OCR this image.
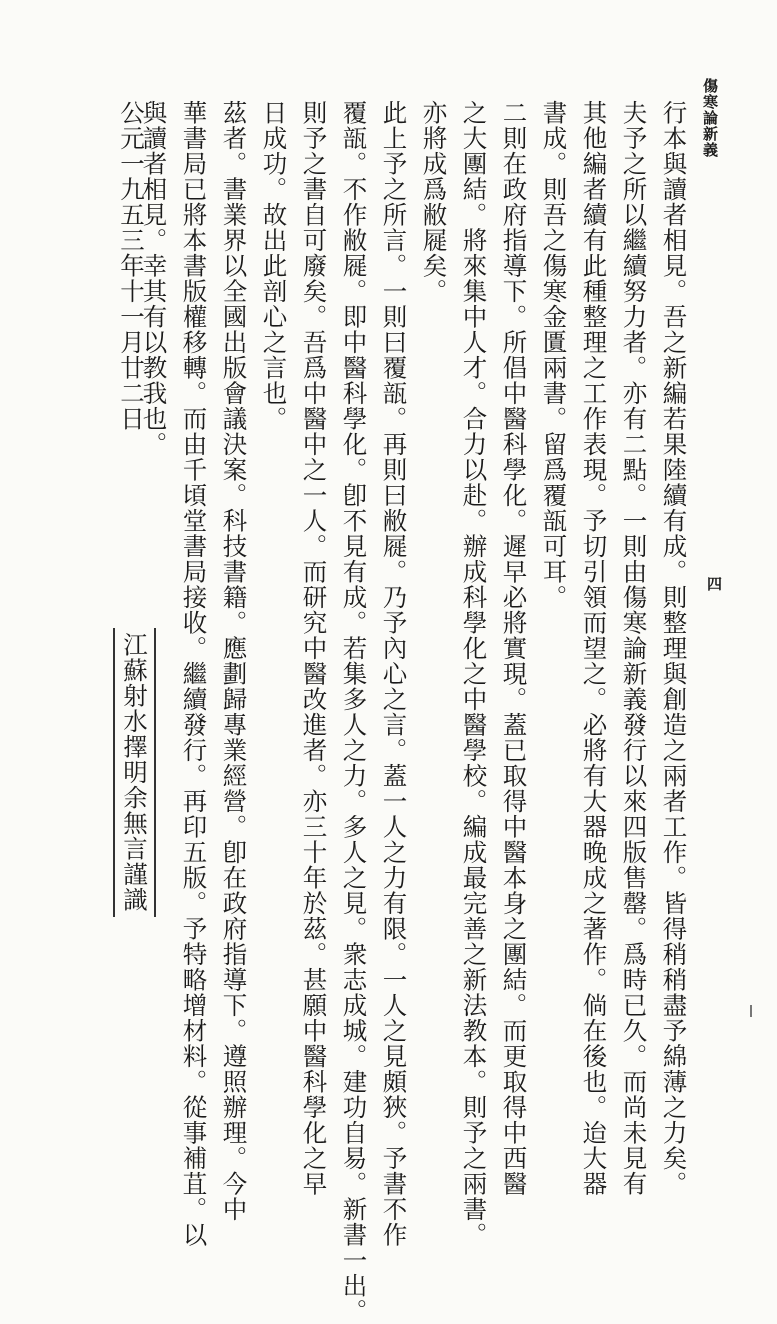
傷寒論新義
四
行本與讀者相見。吾之新編若果陸續有成。則整理與創造之兩者工作。皆得稍稍盡予綿薄之力矣。
夫予之所以繼續努力者。亦有二點。一則由傷寒論新義發行以來四版售罄。爲時已久。而尚未見有
其他編者續有此種整理之工作表現。予切引領而望之。必將有大器晚成之著作。倘在後也。迨大器
書成。則吾之傷寒金匱兩書。留爲覆瓿可耳。
二則在政府指導下。所倡中醫科學化。遲早必將實現。蓋已取得中醫本身之團結。而更取得中西醫
之大團結。將來集中人才。合力以赴。辦成科學化之中醫學校。編成最完善之新法教本。則予之兩書。
亦將成爲敝屣矣。
此上予之所言。一則曰覆瓿。再則曰敝屣。乃予內心之言。蓋一人之力有限。一人之見頗狹。予書不作
覆瓿。不作敝屣。即中醫科學化。卽不見有成。若集多人之力。多人之見。衆志成城。建功自易。新書一出。
則予之書自可廢矣。吾爲中醫中之一人。而研究中醫改進者。亦三十年於茲。甚願中醫科學化之早
日成功。故出此剖心之言也。
茲者。書業界以全國出版會議決案。科技書籍。應劃歸專業經營。卽在政府指導下。遵照辦理。今中
華書局已將本書版權移轉。而由千頃堂書局接收。繼續發行。再印五版。予特略增材料。從事補苴。以
與讀者相見。幸其有以教我也。
公元一九五三年十一月廿二日
江蘇射水擇明余無言謹識
